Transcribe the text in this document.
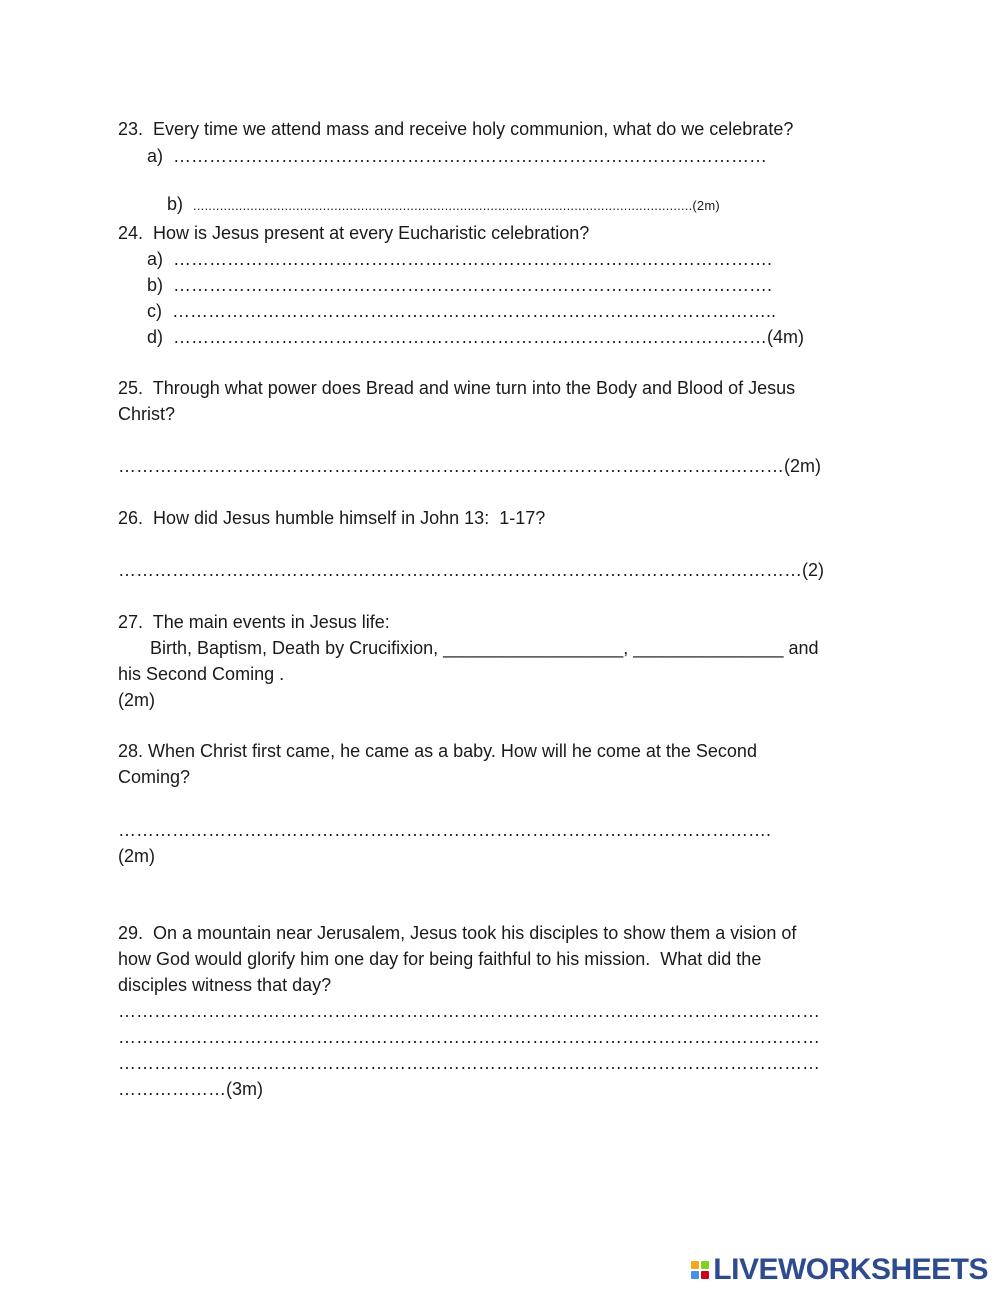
23.  Every time we attend mass and receive holy communion, what do we celebrate?
a)  ………………………………………………………………………………………

b) ...................................................................................................................................(2m)

24.  How is Jesus present at every Eucharistic celebration?
a)  ……………………………………………………………………………………….
b)  ……………………………………………………………………………………….
c)  ………………………………………………………………………………………..
d)  ………………………………………………………………………………………(4m)
25.  Through what power does Bread and wine turn into the Body and Blood of Jesus
Christ?
…………………………………………………………………………………………………(2m)
26.  How did Jesus humble himself in John 13:  1-17?
……………………………………………………………………………………………………(2)
27.  The main events in Jesus life:
Birth, Baptism, Death by Crucifixion, __________________, _______________ and
his Second Coming .
(2m)
28. When Christ first came, he came as a baby. How will he come at the Second
Coming?
……………………………………………………………………………………………….
(2m)
29.  On a mountain near Jerusalem, Jesus took his disciples to show them a vision of
how God would glorify him one day for being faithful to his mission.  What did the
disciples witness that day?
………………………………………………………………………………………………………
………………………………………………………………………………………………………
………………………………………………………………………………………………………
………………(3m)
LIVEWORKSHEETS
